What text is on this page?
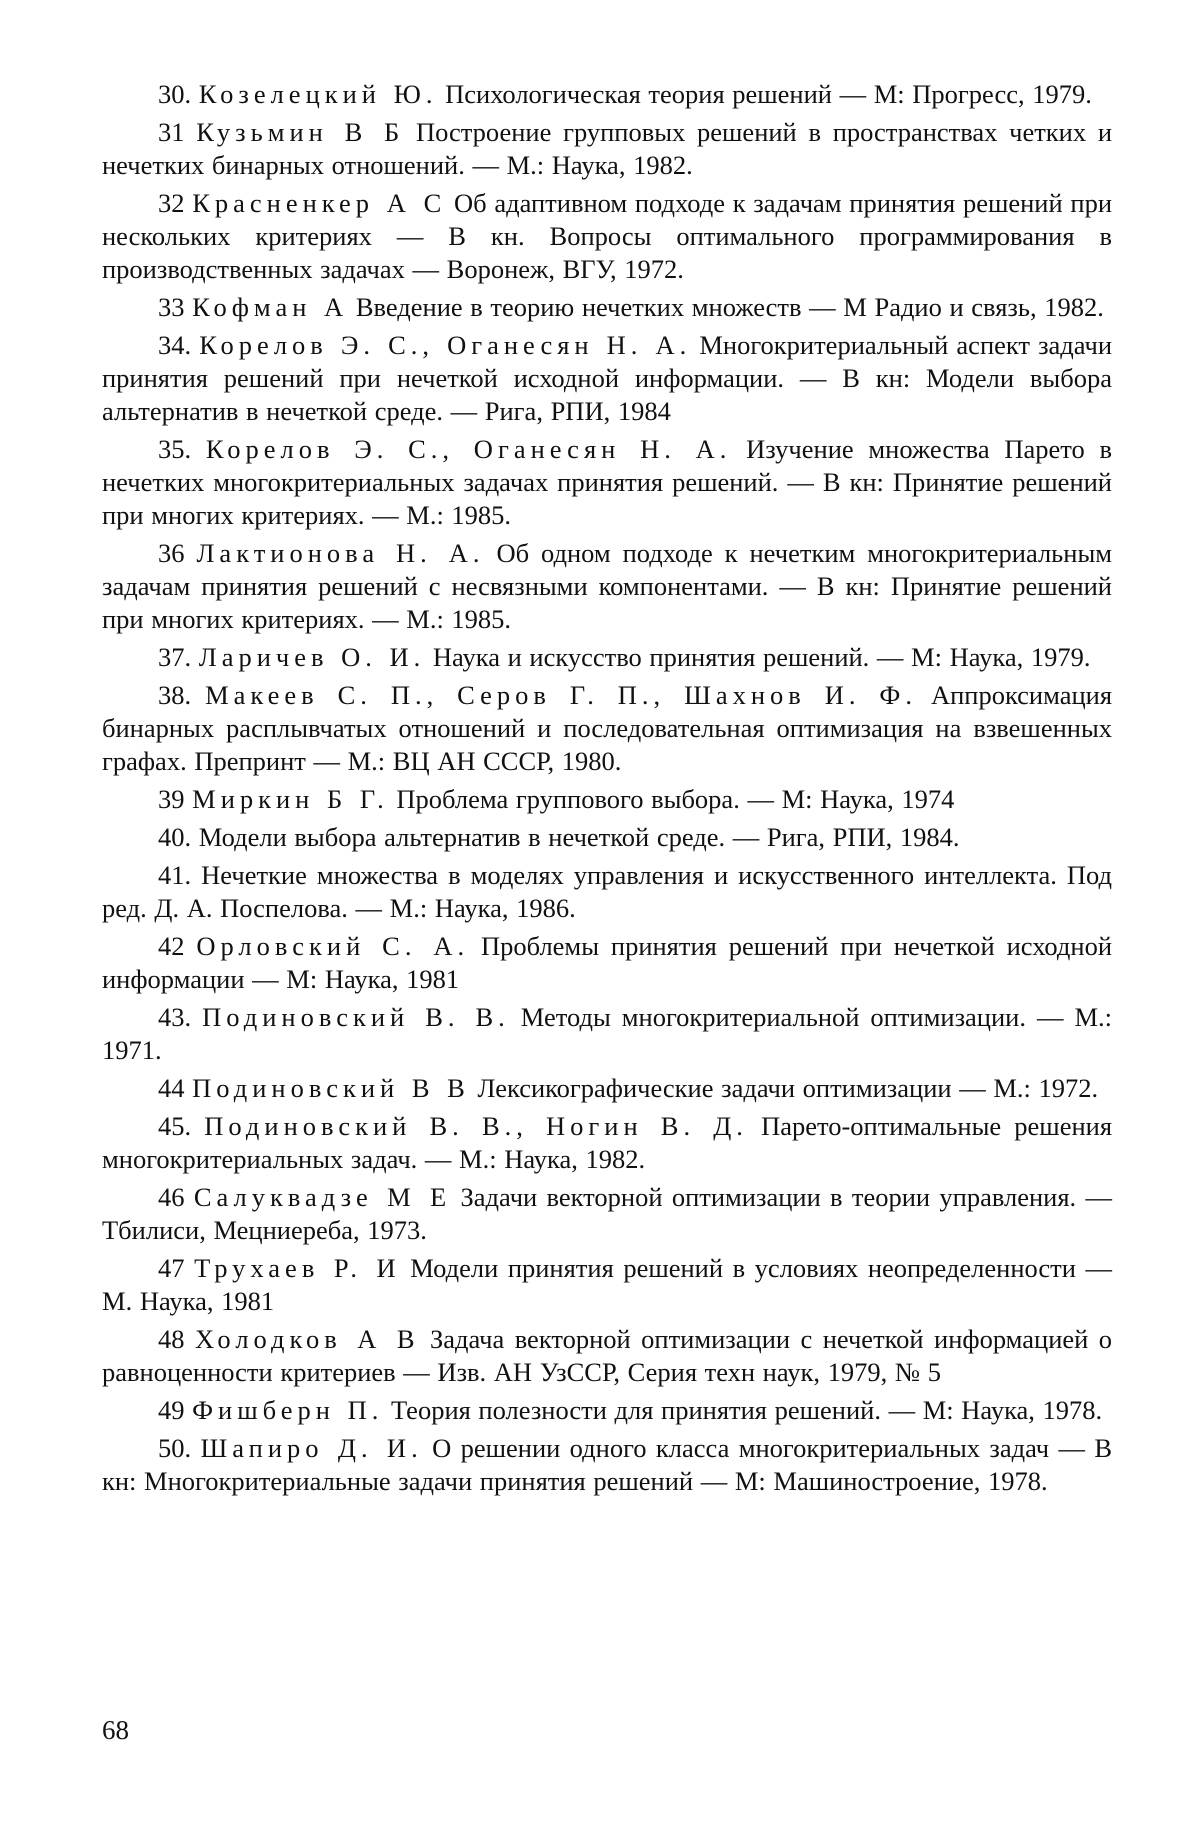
30. Козелецкий Ю. Психологическая теория решений — М: Прогресс, 1979.

31 Кузьмин В Б Построение групповых решений в пространствах четких и нечетких бинарных отношений. — М.: Наука, 1982.

32 Красненкер А С Об адаптивном подходе к задачам принятия решений при нескольких критериях — В кн. Вопросы оптимального программирования в производственных задачах — Воронеж, ВГУ, 1972.

33 Кофман А Введение в теорию нечетких множеств — М Радио и связь, 1982.

34. Корелов Э. С., Оганесян Н. А. Многокритериальный аспект задачи принятия решений при нечеткой исходной информации. — В кн: Модели выбора альтернатив в нечеткой среде. — Рига, РПИ, 1984

35. Корелов Э. С., Оганесян Н. А. Изучение множества Парето в нечетких многокритериальных задачах принятия решений. — В кн: Принятие решений при многих критериях. — М.: 1985.

36 Лактионова Н. А. Об одном подходе к нечетким многокритериальным задачам принятия решений с несвязными компонентами. — В кн: Принятие решений при многих критериях. — М.: 1985.

37. Ларичев О. И. Наука и искусство принятия решений. — М: Наука, 1979.

38. Макеев С. П., Серов Г. П., Шахнов И. Ф. Аппроксимация бинарных расплывчатых отношений и последовательная оптимизация на взвешенных графах. Препринт — М.: ВЦ АН СССР, 1980.

39 Миркин Б Г. Проблема группового выбора. — М: Наука, 1974

40. Модели выбора альтернатив в нечеткой среде. — Рига, РПИ, 1984.

41. Нечеткие множества в моделях управления и искусственного интеллекта. Под ред. Д. А. Поспелова. — М.: Наука, 1986.

42 Орловский С. А. Проблемы принятия решений при нечеткой исходной информации — М: Наука, 1981

43. Подиновский В. В. Методы многокритериальной оптимизации. — М.: 1971.

44 Подиновский В В Лексикографические задачи оптимизации — М.: 1972.

45. Подиновский В. В., Ногин В. Д. Парето-оптимальные решения многокритериальных задач. — М.: Наука, 1982.

46 Салуквадзе М Е Задачи векторной оптимизации в теории управления. — Тбилиси, Мецниереба, 1973.

47 Трухаев Р. И Модели принятия решений в условиях неопределенности — М. Наука, 1981

48 Холодков А В Задача векторной оптимизации с нечеткой информацией о равноценности критериев — Изв. АН УзССР, Серия техн наук, 1979, № 5

49 Фишберн П. Теория полезности для принятия решений. — М: Наука, 1978.

50. Шапиро Д. И. О решении одного класса многокритериальных задач — В кн: Многокритериальные задачи принятия решений — М: Машиностроение, 1978.

68
